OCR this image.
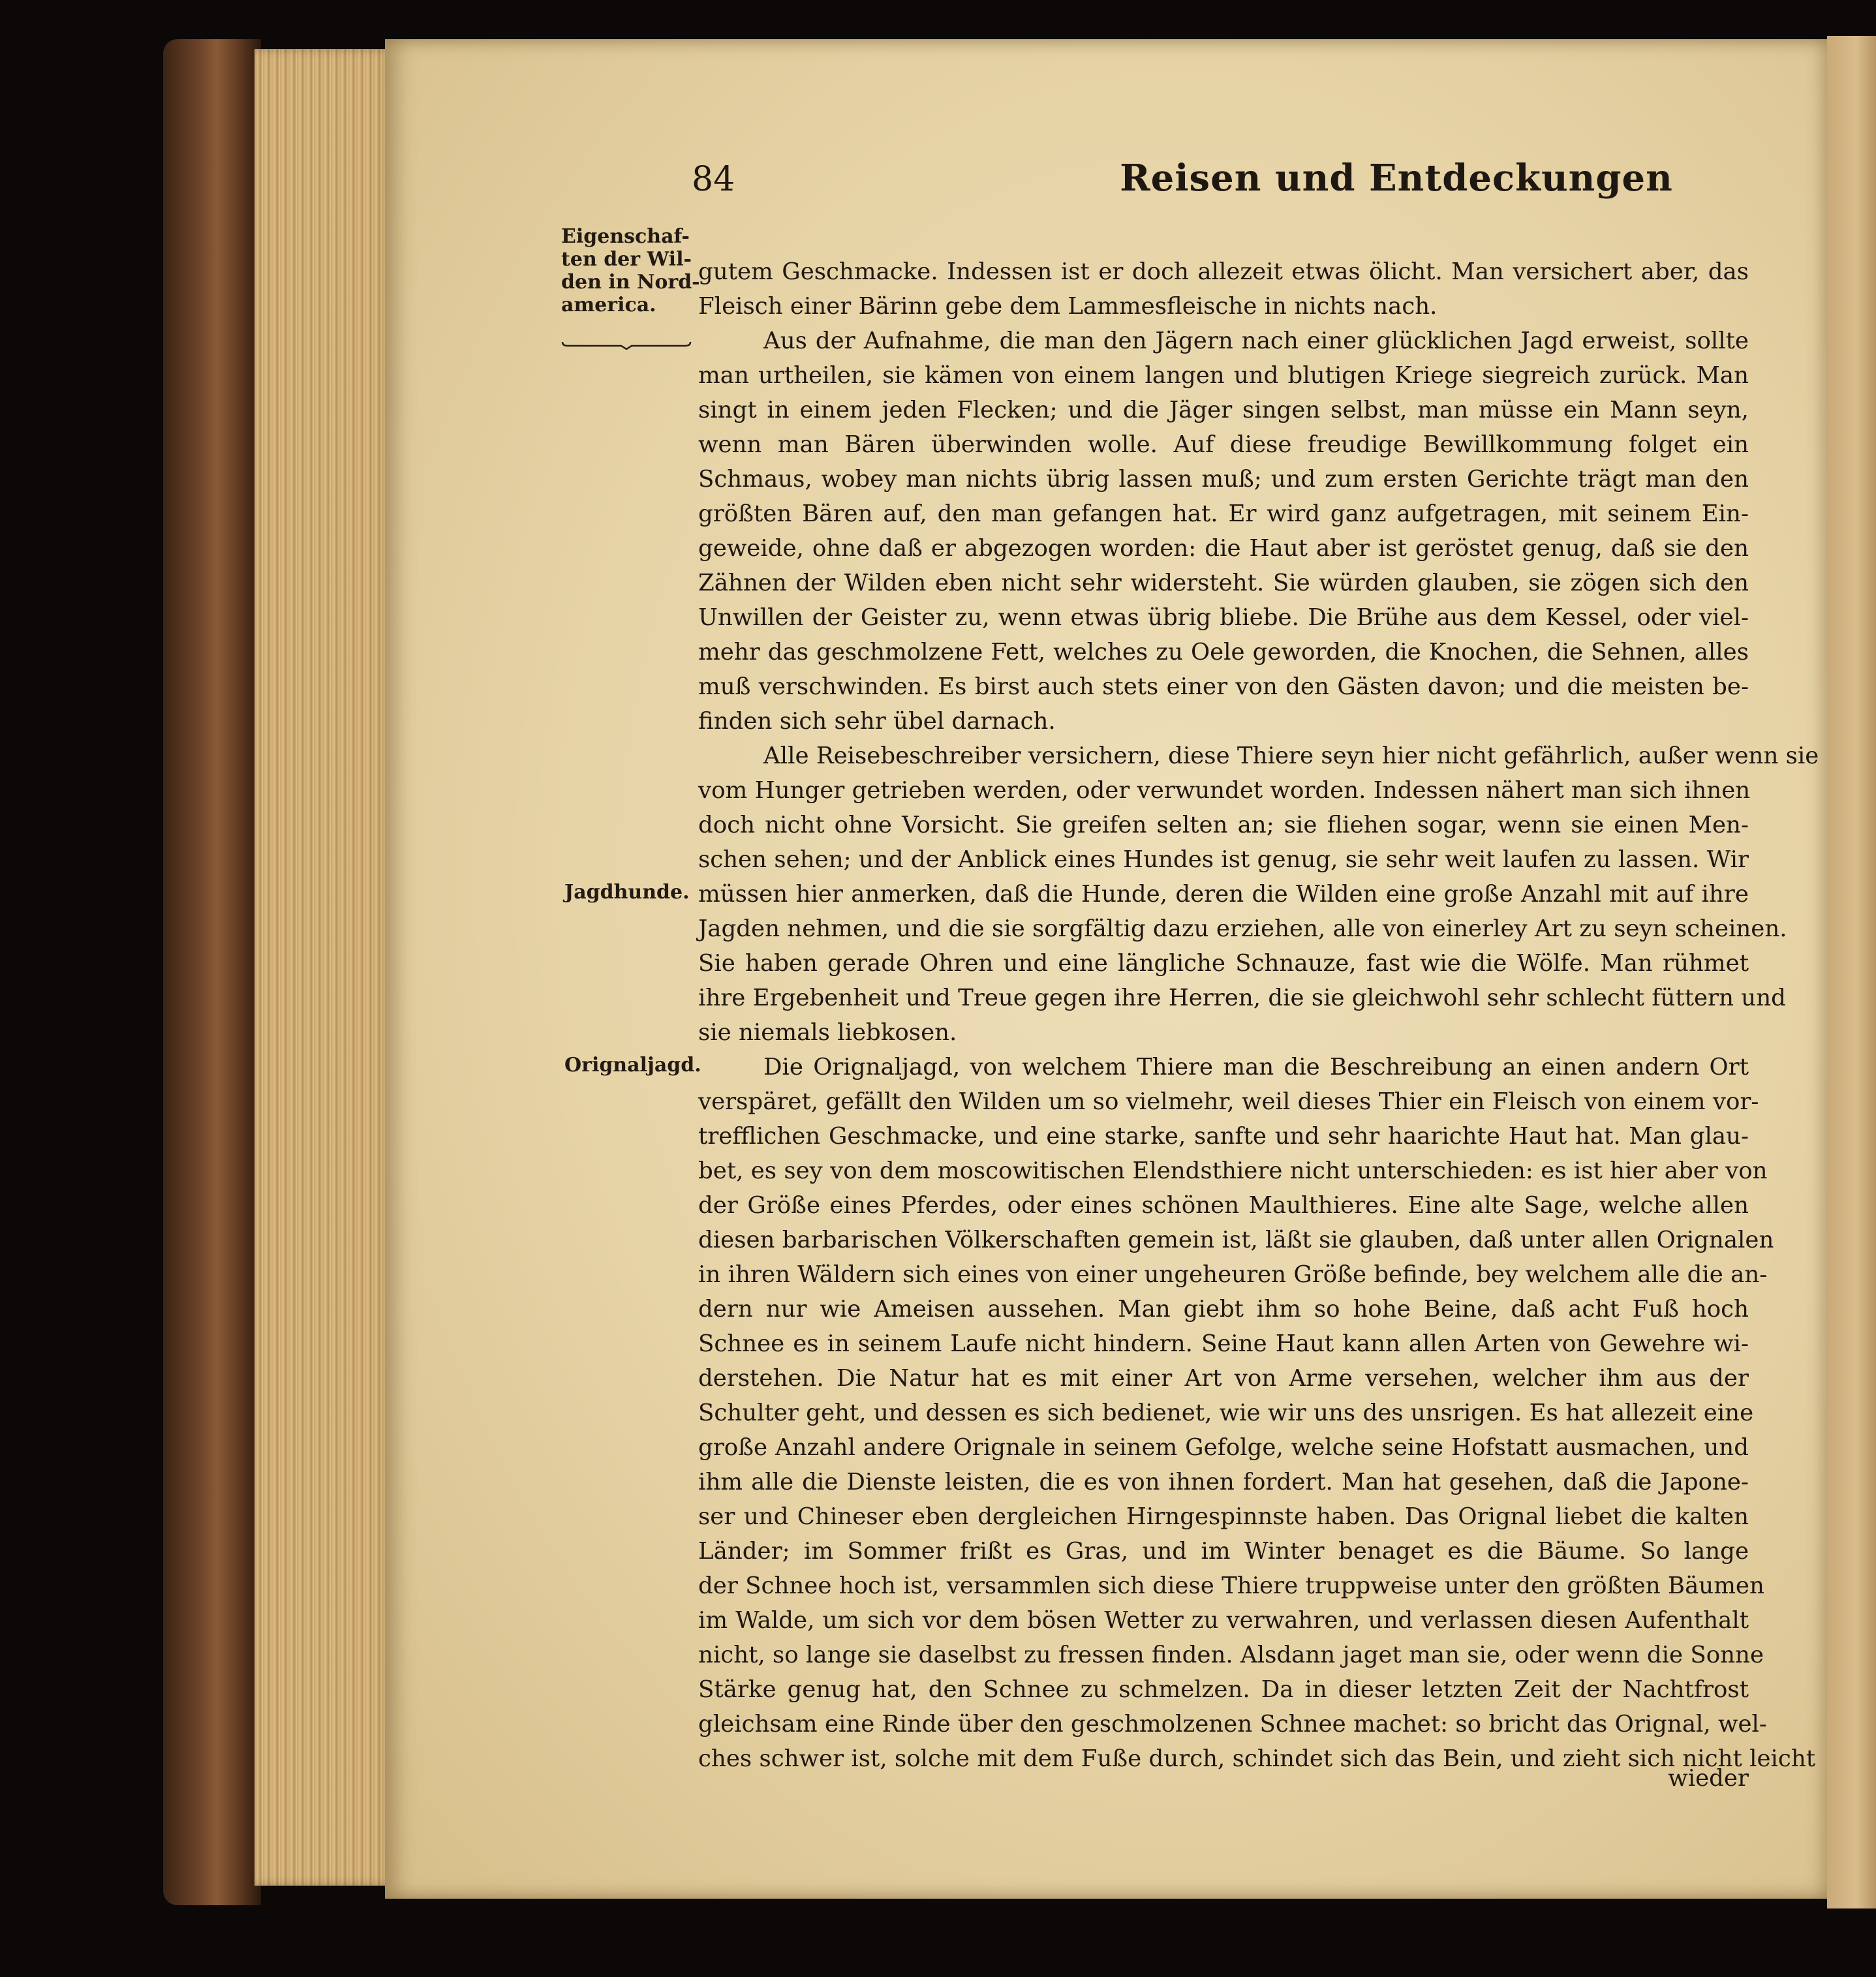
84	Reisen und Entdeckungen
Eigenschaf- ten der Wil- den in Nord- america.
Jagdhunde.
Orignaljagd.
gutem Geschmacke. Indessen ist er doch allezeit etwas ölicht. Man versichert aber, das
Fleisch einer Bärinn gebe dem Lammesfleische in nichts nach.
Aus der Aufnahme, die man den Jägern nach einer glücklichen Jagd erweist, sollte
man urtheilen, sie kämen von einem langen und blutigen Kriege siegreich zurück. Man
singt in einem jeden Flecken; und die Jäger singen selbst, man müsse ein Mann seyn,
wenn man Bären überwinden wolle. Auf diese freudige Bewillkommung folget ein
Schmaus, wobey man nichts übrig lassen muß; und zum ersten Gerichte trägt man den
größten Bären auf, den man gefangen hat. Er wird ganz aufgetragen, mit seinem Ein-
geweide, ohne daß er abgezogen worden: die Haut aber ist geröstet genug, daß sie den
Zähnen der Wilden eben nicht sehr widersteht. Sie würden glauben, sie zögen sich den
Unwillen der Geister zu, wenn etwas übrig bliebe. Die Brühe aus dem Kessel, oder viel-
mehr das geschmolzene Fett, welches zu Oele geworden, die Knochen, die Sehnen, alles
muß verschwinden. Es birst auch stets einer von den Gästen davon; und die meisten be-
finden sich sehr übel darnach.
Alle Reisebeschreiber versichern, diese Thiere seyn hier nicht gefährlich, außer wenn sie
vom Hunger getrieben werden, oder verwundet worden. Indessen nähert man sich ihnen
doch nicht ohne Vorsicht. Sie greifen selten an; sie fliehen sogar, wenn sie einen Men-
schen sehen; und der Anblick eines Hundes ist genug, sie sehr weit laufen zu lassen. Wir
müssen hier anmerken, daß die Hunde, deren die Wilden eine große Anzahl mit auf ihre
Jagden nehmen, und die sie sorgfältig dazu erziehen, alle von einerley Art zu seyn scheinen.
Sie haben gerade Ohren und eine längliche Schnauze, fast wie die Wölfe. Man rühmet
ihre Ergebenheit und Treue gegen ihre Herren, die sie gleichwohl sehr schlecht füttern und
sie niemals liebkosen.
Die Orignaljagd, von welchem Thiere man die Beschreibung an einen andern Ort
verspäret, gefällt den Wilden um so vielmehr, weil dieses Thier ein Fleisch von einem vor-
trefflichen Geschmacke, und eine starke, sanfte und sehr haarichte Haut hat. Man glau-
bet, es sey von dem moscowitischen Elendsthiere nicht unterschieden: es ist hier aber von
der Größe eines Pferdes, oder eines schönen Maulthieres. Eine alte Sage, welche allen
diesen barbarischen Völkerschaften gemein ist, läßt sie glauben, daß unter allen Orignalen
in ihren Wäldern sich eines von einer ungeheuren Größe befinde, bey welchem alle die an-
dern nur wie Ameisen aussehen. Man giebt ihm so hohe Beine, daß acht Fuß hoch
Schnee es in seinem Laufe nicht hindern. Seine Haut kann allen Arten von Gewehre wi-
derstehen. Die Natur hat es mit einer Art von Arme versehen, welcher ihm aus der
Schulter geht, und dessen es sich bedienet, wie wir uns des unsrigen. Es hat allezeit eine
große Anzahl andere Orignale in seinem Gefolge, welche seine Hofstatt ausmachen, und
ihm alle die Dienste leisten, die es von ihnen fordert. Man hat gesehen, daß die Japone-
ser und Chineser eben dergleichen Hirngespinnste haben. Das Orignal liebet die kalten
Länder; im Sommer frißt es Gras, und im Winter benaget es die Bäume. So lange
der Schnee hoch ist, versammlen sich diese Thiere truppweise unter den größten Bäumen
im Walde, um sich vor dem bösen Wetter zu verwahren, und verlassen diesen Aufenthalt
nicht, so lange sie daselbst zu fressen finden. Alsdann jaget man sie, oder wenn die Sonne
Stärke genug hat, den Schnee zu schmelzen. Da in dieser letzten Zeit der Nachtfrost
gleichsam eine Rinde über den geschmolzenen Schnee machet: so bricht das Orignal, wel-
ches schwer ist, solche mit dem Fuße durch, schindet sich das Bein, und zieht sich nicht leicht
wieder
